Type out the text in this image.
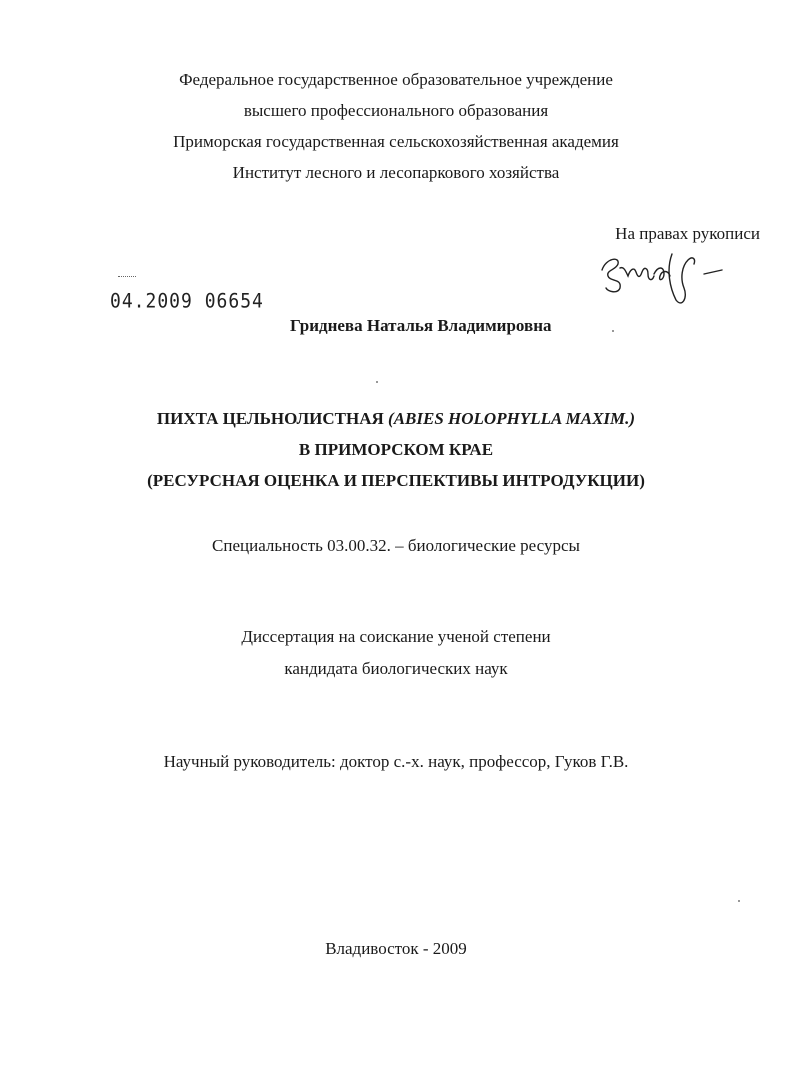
Федеральное государственное образовательное учреждение
высшего профессионального образования
Приморская государственная сельскохозяйственная академия
Институт лесного и лесопаркового хозяйства
На правах рукописи
04.2009 06654
Гриднева Наталья Владимировна
ПИХТА ЦЕЛЬНОЛИСТНАЯ (ABIES HOLOPHYLLA MAXIM.)
В ПРИМОРСКОМ КРАЕ
(РЕСУРСНАЯ ОЦЕНКА И ПЕРСПЕКТИВЫ ИНТРОДУКЦИИ)
Специальность 03.00.32. – биологические ресурсы
Диссертация на соискание ученой степени
кандидата биологических наук
Научный руководитель: доктор с.-х. наук, профессор, Гуков Г.В.
Владивосток - 2009
